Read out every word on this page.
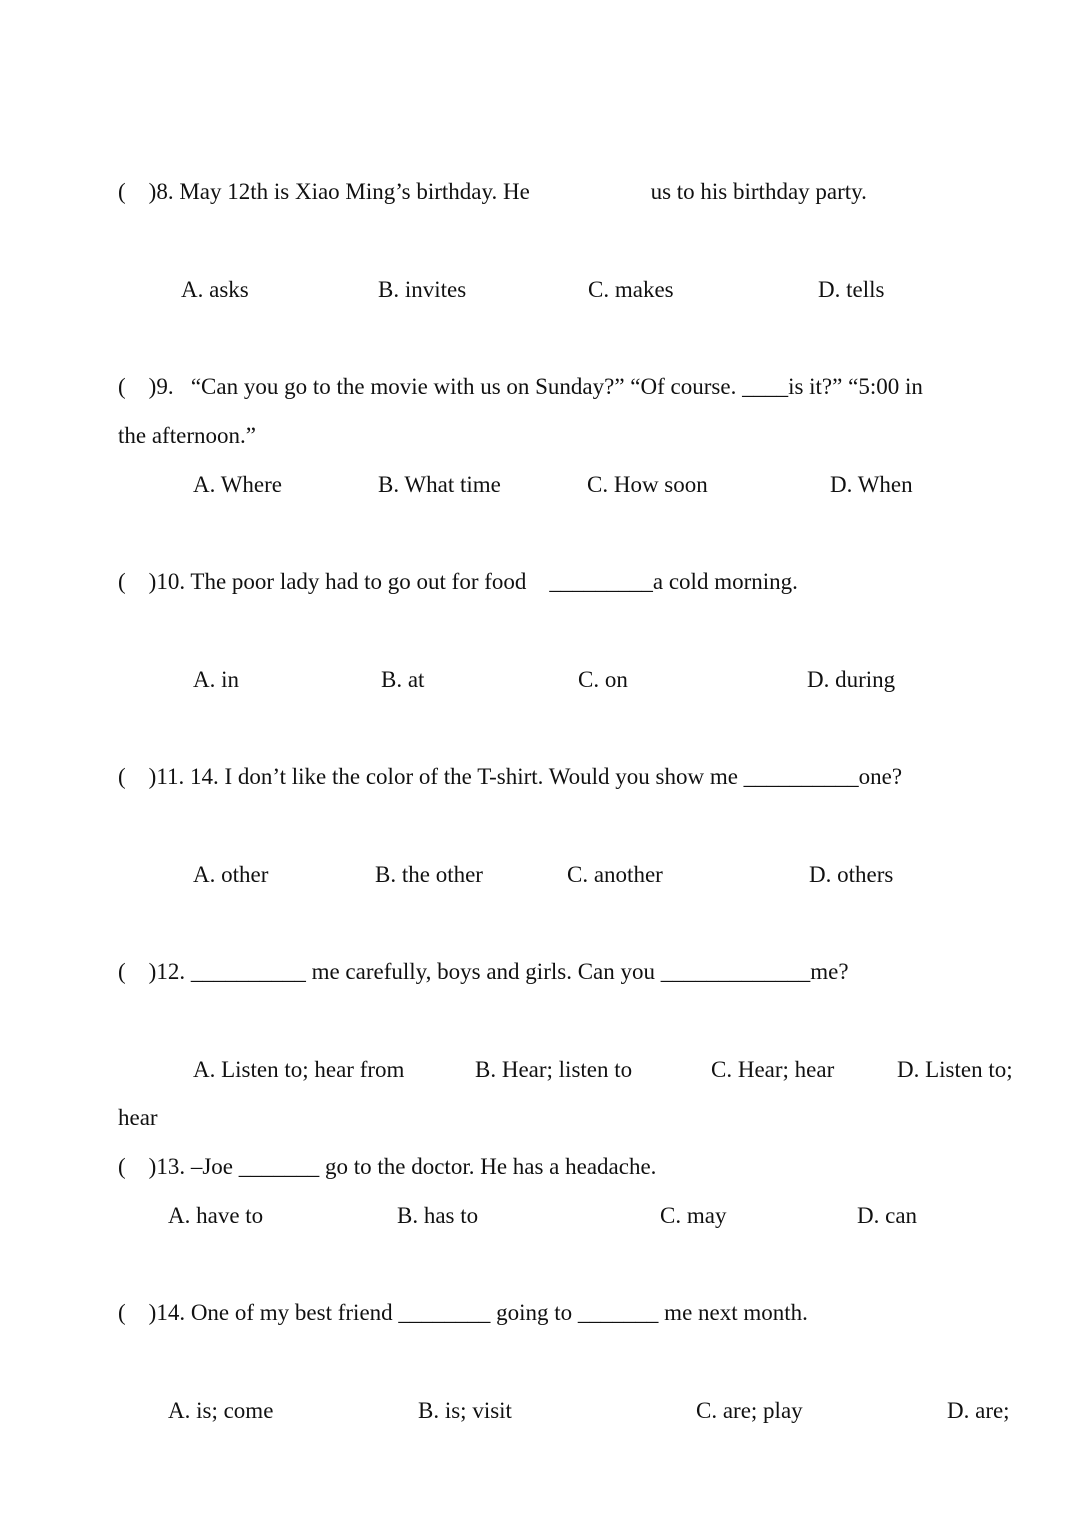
(    )8. May 12th is Xiao Ming’s birthday. He                     us to his birthday party.
A. asks	B. invites	C. makes	D. tells
(    )9.   “Can you go to the movie with us on Sunday?” “Of course. ____is it?” “5:00 in
the afternoon.”
A. Where	B. What time	C. How soon	D. When
(    )10. The poor lady had to go out for food    _________a cold morning.
A. in	B. at	C. on	D. during
(    )11. 14. I don’t like the color of the T-shirt. Would you show me __________one?
A. other	B. the other	C. another	D. others
(    )12. __________ me carefully, boys and girls. Can you _____________me?
A. Listen to; hear from	B. Hear; listen to	C. Hear; hear	D. Listen to;
hear
(    )13. –Joe _______ go to the doctor. He has a headache.
A. have to	B. has to	C. may	D. can
(    )14. One of my best friend ________ going to _______ me next month.
A. is; come	B. is; visit	C. are; play	D. are;
